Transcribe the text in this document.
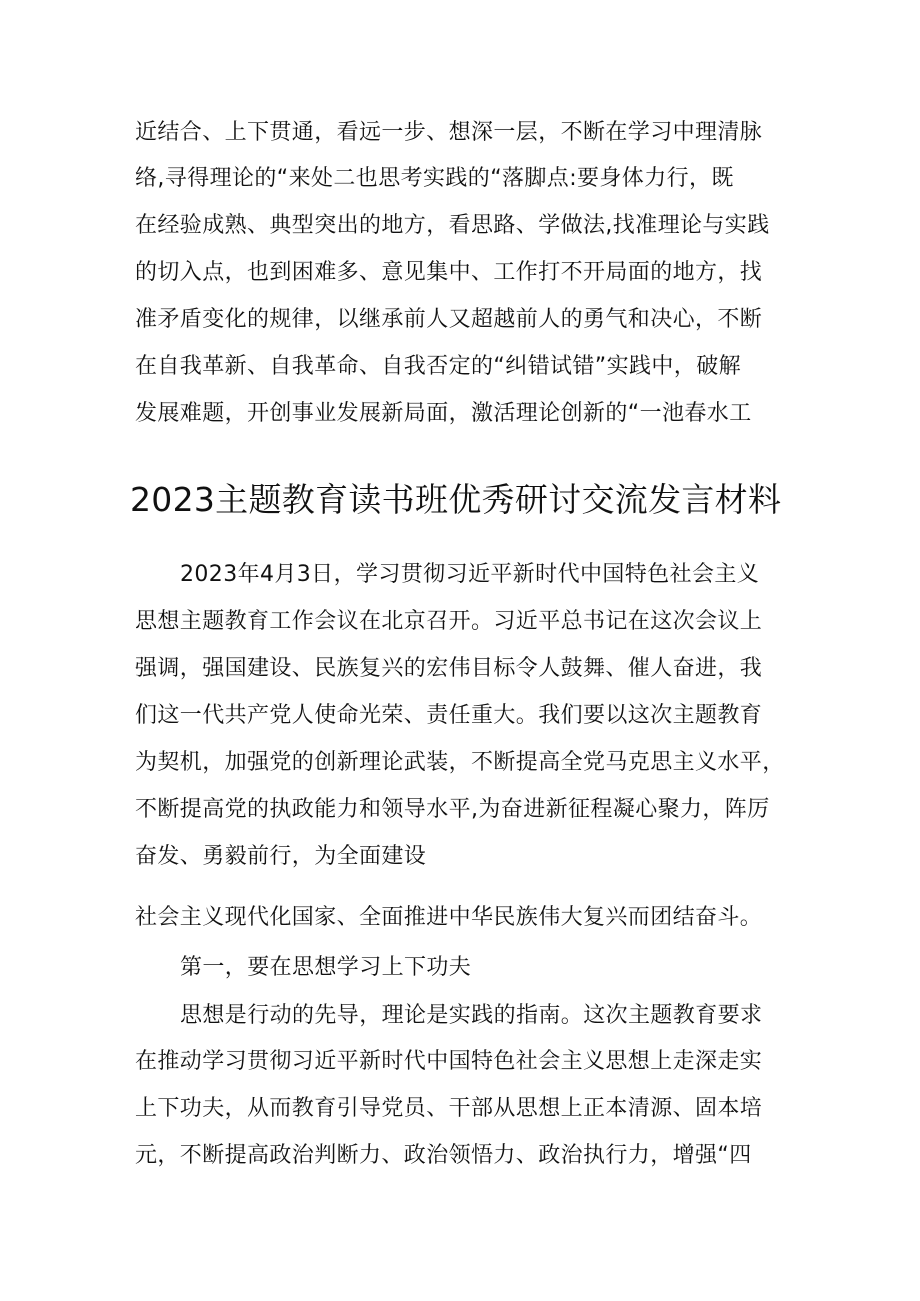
近结合、上下贯通，看远一步、想深一层，不断在学习中理清脉
络,寻得理论的“来处二也思考实践的“落脚点:要身体力行，既
在经验成熟、典型突出的地方，看思路、学做法,找准理论与实践
的切入点，也到困难多、意见集中、工作打不开局面的地方，找
准矛盾变化的规律，以继承前人又超越前人的勇气和决心，不断
在自我革新、自我革命、自我否定的“纠错试错”实践中，破解
发展难题，开创事业发展新局面，激活理论创新的“一池春水工
2023主题教育读书班优秀研讨交流发言材料
2023年4月3日，学习贯彻习近平新时代中国特色社会主义
思想主题教育工作会议在北京召开。习近平总书记在这次会议上
强调，强国建设、民族复兴的宏伟目标令人鼓舞、催人奋进，我
们这一代共产党人使命光荣、责任重大。我们要以这次主题教育
为契机，加强党的创新理论武装，不断提高全党马克思主义水平，
不断提高党的执政能力和领导水平,为奋进新征程凝心聚力，阵厉
奋发、勇毅前行，为全面建设
社会主义现代化国家、全面推进中华民族伟大复兴而团结奋斗。
第一，要在思想学习上下功夫
思想是行动的先导，理论是实践的指南。这次主题教育要求
在推动学习贯彻习近平新时代中国特色社会主义思想上走深走实
上下功夫，从而教育引导党员、干部从思想上正本清源、固本培
元，不断提高政治判断力、政治领悟力、政治执行力，增强“四
